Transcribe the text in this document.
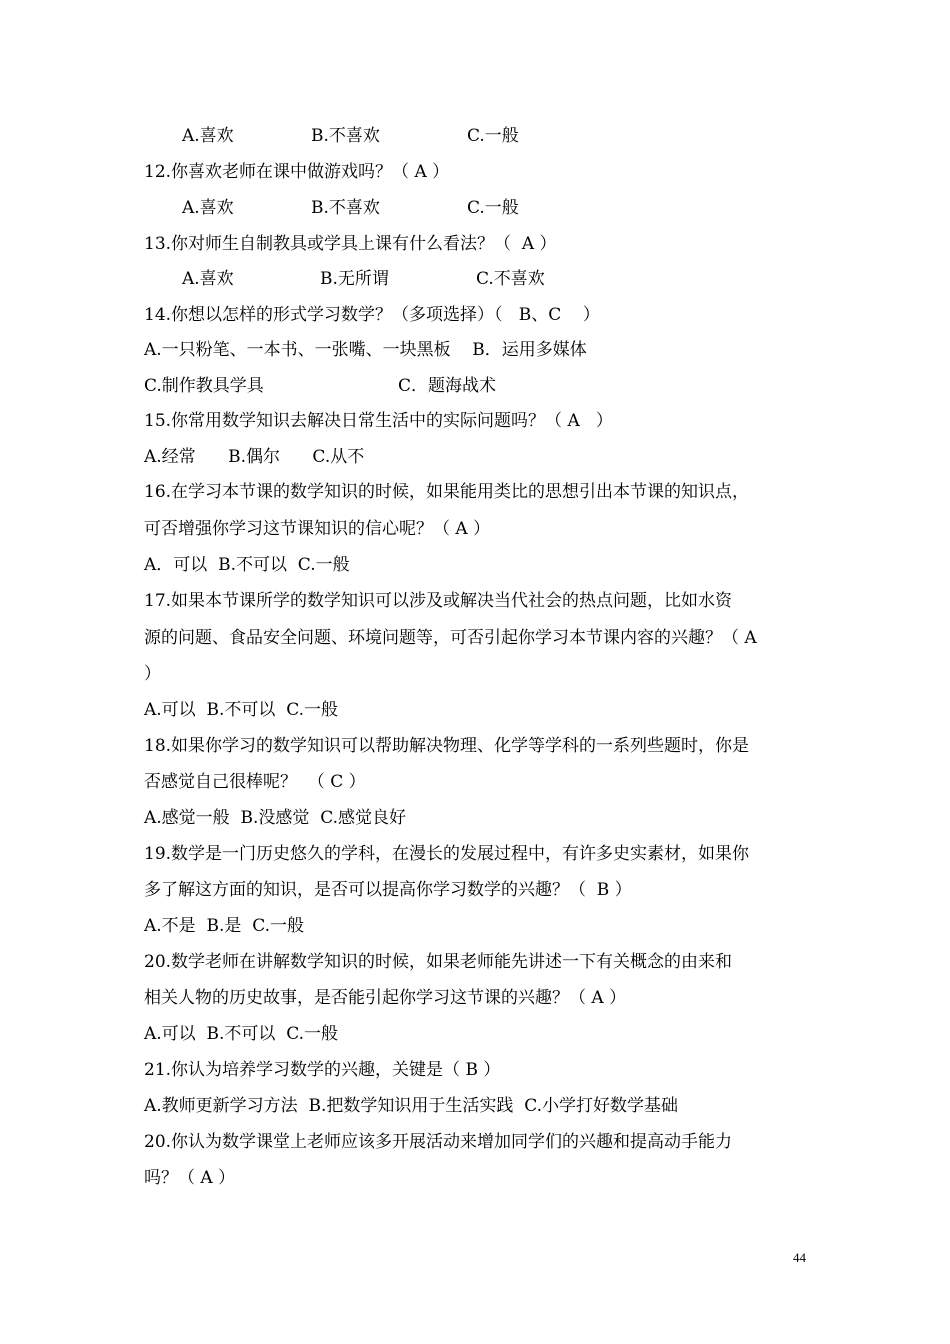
A.喜欢	B.不喜欢	C.一般
12.你喜欢老师在课中做游戏吗？（ A ）
A.喜欢	B.不喜欢	C.一般
13.你对师生自制教具或学具上课有什么看法？（  A ）
A.喜欢	B.无所谓	C.不喜欢
14.你想以怎样的形式学习数学？（多项选择）（   B、C    ）
A.一只粉笔、一本书、一张嘴、一块黑板    B．运用多媒体
C.制作教具学具	C．题海战术
15.你常用数学知识去解决日常生活中的实际问题吗？（ A   ）
A.经常      B.偶尔      C.从不
16.在学习本节课的数学知识的时候，如果能用类比的思想引出本节课的知识点，
可否增强你学习这节课知识的信心呢？（ A ）
A．可以  B.不可以  C.一般
17.如果本节课所学的数学知识可以涉及或解决当代社会的热点问题，比如水资
源的问题、食品安全问题、环境问题等，可否引起你学习本节课内容的兴趣？（ A
）
A.可以  B.不可以  C.一般
18.如果你学习的数学知识可以帮助解决物理、化学等学科的一系列些题时，你是
否感觉自己很棒呢？  （ C ）
A.感觉一般  B.没感觉  C.感觉良好
19.数学是一门历史悠久的学科，在漫长的发展过程中，有许多史实素材，如果你
多了解这方面的知识，是否可以提高你学习数学的兴趣？（  B ）
A.不是  B.是  C.一般
20.数学老师在讲解数学知识的时候，如果老师能先讲述一下有关概念的由来和
相关人物的历史故事，是否能引起你学习这节课的兴趣？（ A ）
A.可以  B.不可以  C.一般
21.你认为培养学习数学的兴趣，关键是（ B ）
A.教师更新学习方法  B.把数学知识用于生活实践  C.小学打好数学基础
20.你认为数学课堂上老师应该多开展活动来增加同学们的兴趣和提高动手能力
吗？（ A ）
44
